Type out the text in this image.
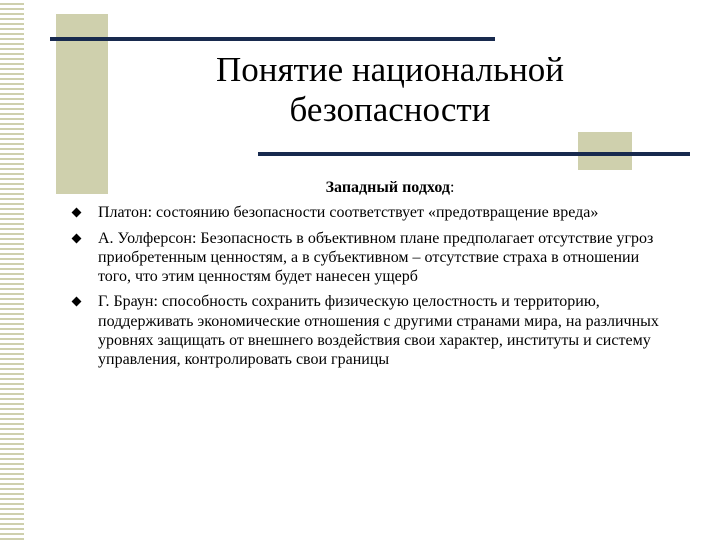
Понятие национальной
безопасности
Западный подход:
Платон: состоянию безопасности соответствует «предотвращение вреда»
А. Уолферсон: Безопасность в объективном плане предполагает отсутствие угроз приобретенным ценностям, а в субъективном – отсутствие страха в отношении того, что этим ценностям будет нанесен ущерб
Г. Браун: способность сохранить физическую целостность и территорию, поддерживать экономические отношения с другими странами мира, на различных уровнях защищать от внешнего воздействия свои характер, институты и систему управления, контролировать свои границы
